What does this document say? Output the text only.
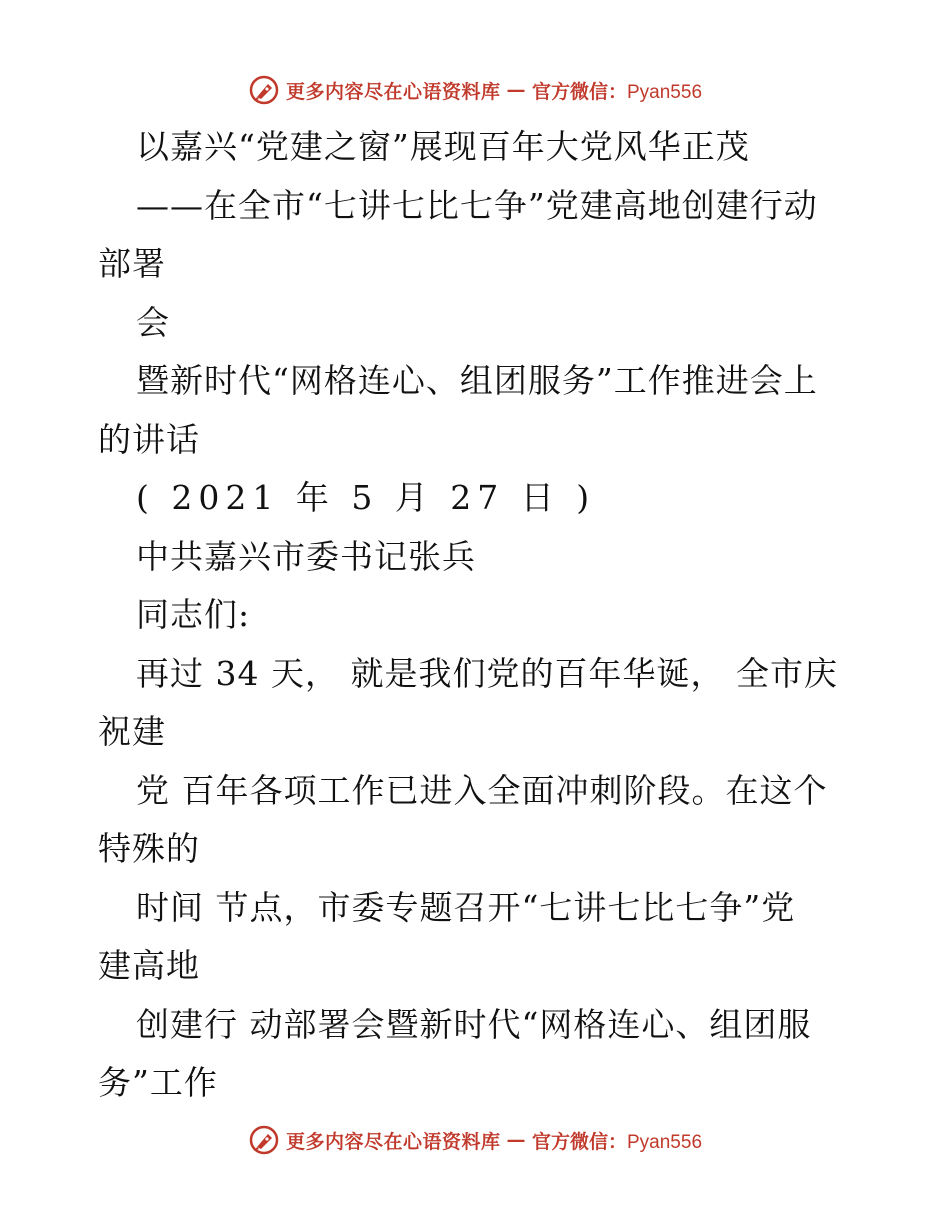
更多内容尽在心语资料库 — 官方微信：Pyan556
以嘉兴“党建之窗”展现百年大党风华正茂
——在全市“七讲七比七争”党建高地创建行动
部署
会
暨新时代“网格连心、组团服务”工作推进会上
的讲话
( 2021 年 5 月 27 日 )
中共嘉兴市委书记张兵
同志们:
再过 34 天， 就是我们党的百年华诞， 全市庆
祝建
党 百年各项工作已进入全面冲刺阶段。在这个
特殊的
时间 节点，市委专题召开“七讲七比七争”党
建高地
创建行 动部署会暨新时代“网格连心、组团服
务”工作
更多内容尽在心语资料库 — 官方微信：Pyan556
